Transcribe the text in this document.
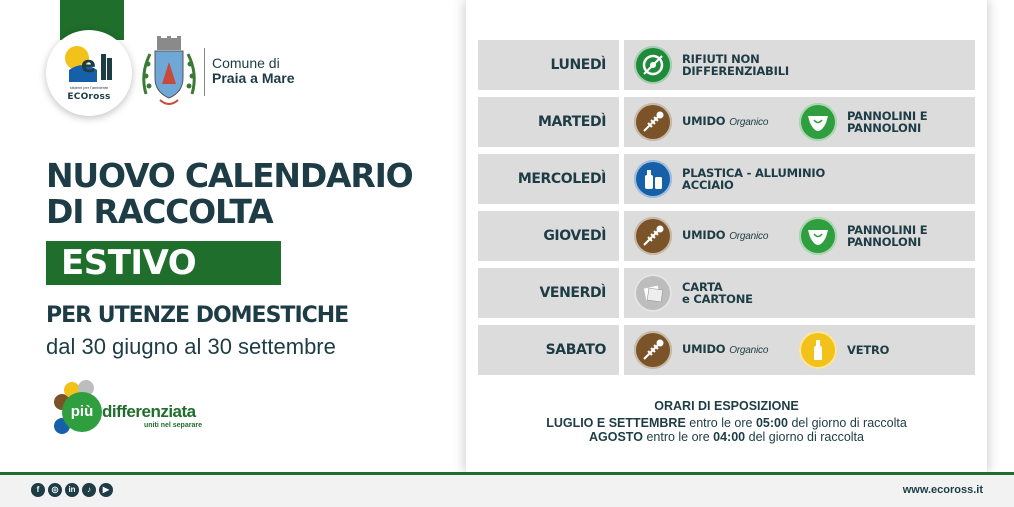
e
sistemi per l'ambiente
ECOross
Comune di
Praia a Mare
NUOVO CALENDARIO
DI RACCOLTA
ESTIVO
PER UTENZE DOMESTICHE
dal 30 giugno al 30 settembre
più differenziata
uniti nel separare
LUNEDÌ	RIFIUTI NON
DIFFERENZIABILI
MARTEDÌ	UMIDO Organico	PANNOLINI E
PANNOLONI
MERCOLEDÌ	PLASTICA - ALLUMINIO
ACCIAIO
GIOVEDÌ	UMIDO Organico	PANNOLINI E
PANNOLONI
VENERDÌ	CARTA
e CARTONE
SABATO	UMIDO Organico	VETRO
ORARI DI ESPOSIZIONE
LUGLIO E SETTEMBRE entro le ore 05:00 del giorno di raccolta
AGOSTO entro le ore 04:00 del giorno di raccolta
f	◎	in	♪	▶	www.ecoross.it
